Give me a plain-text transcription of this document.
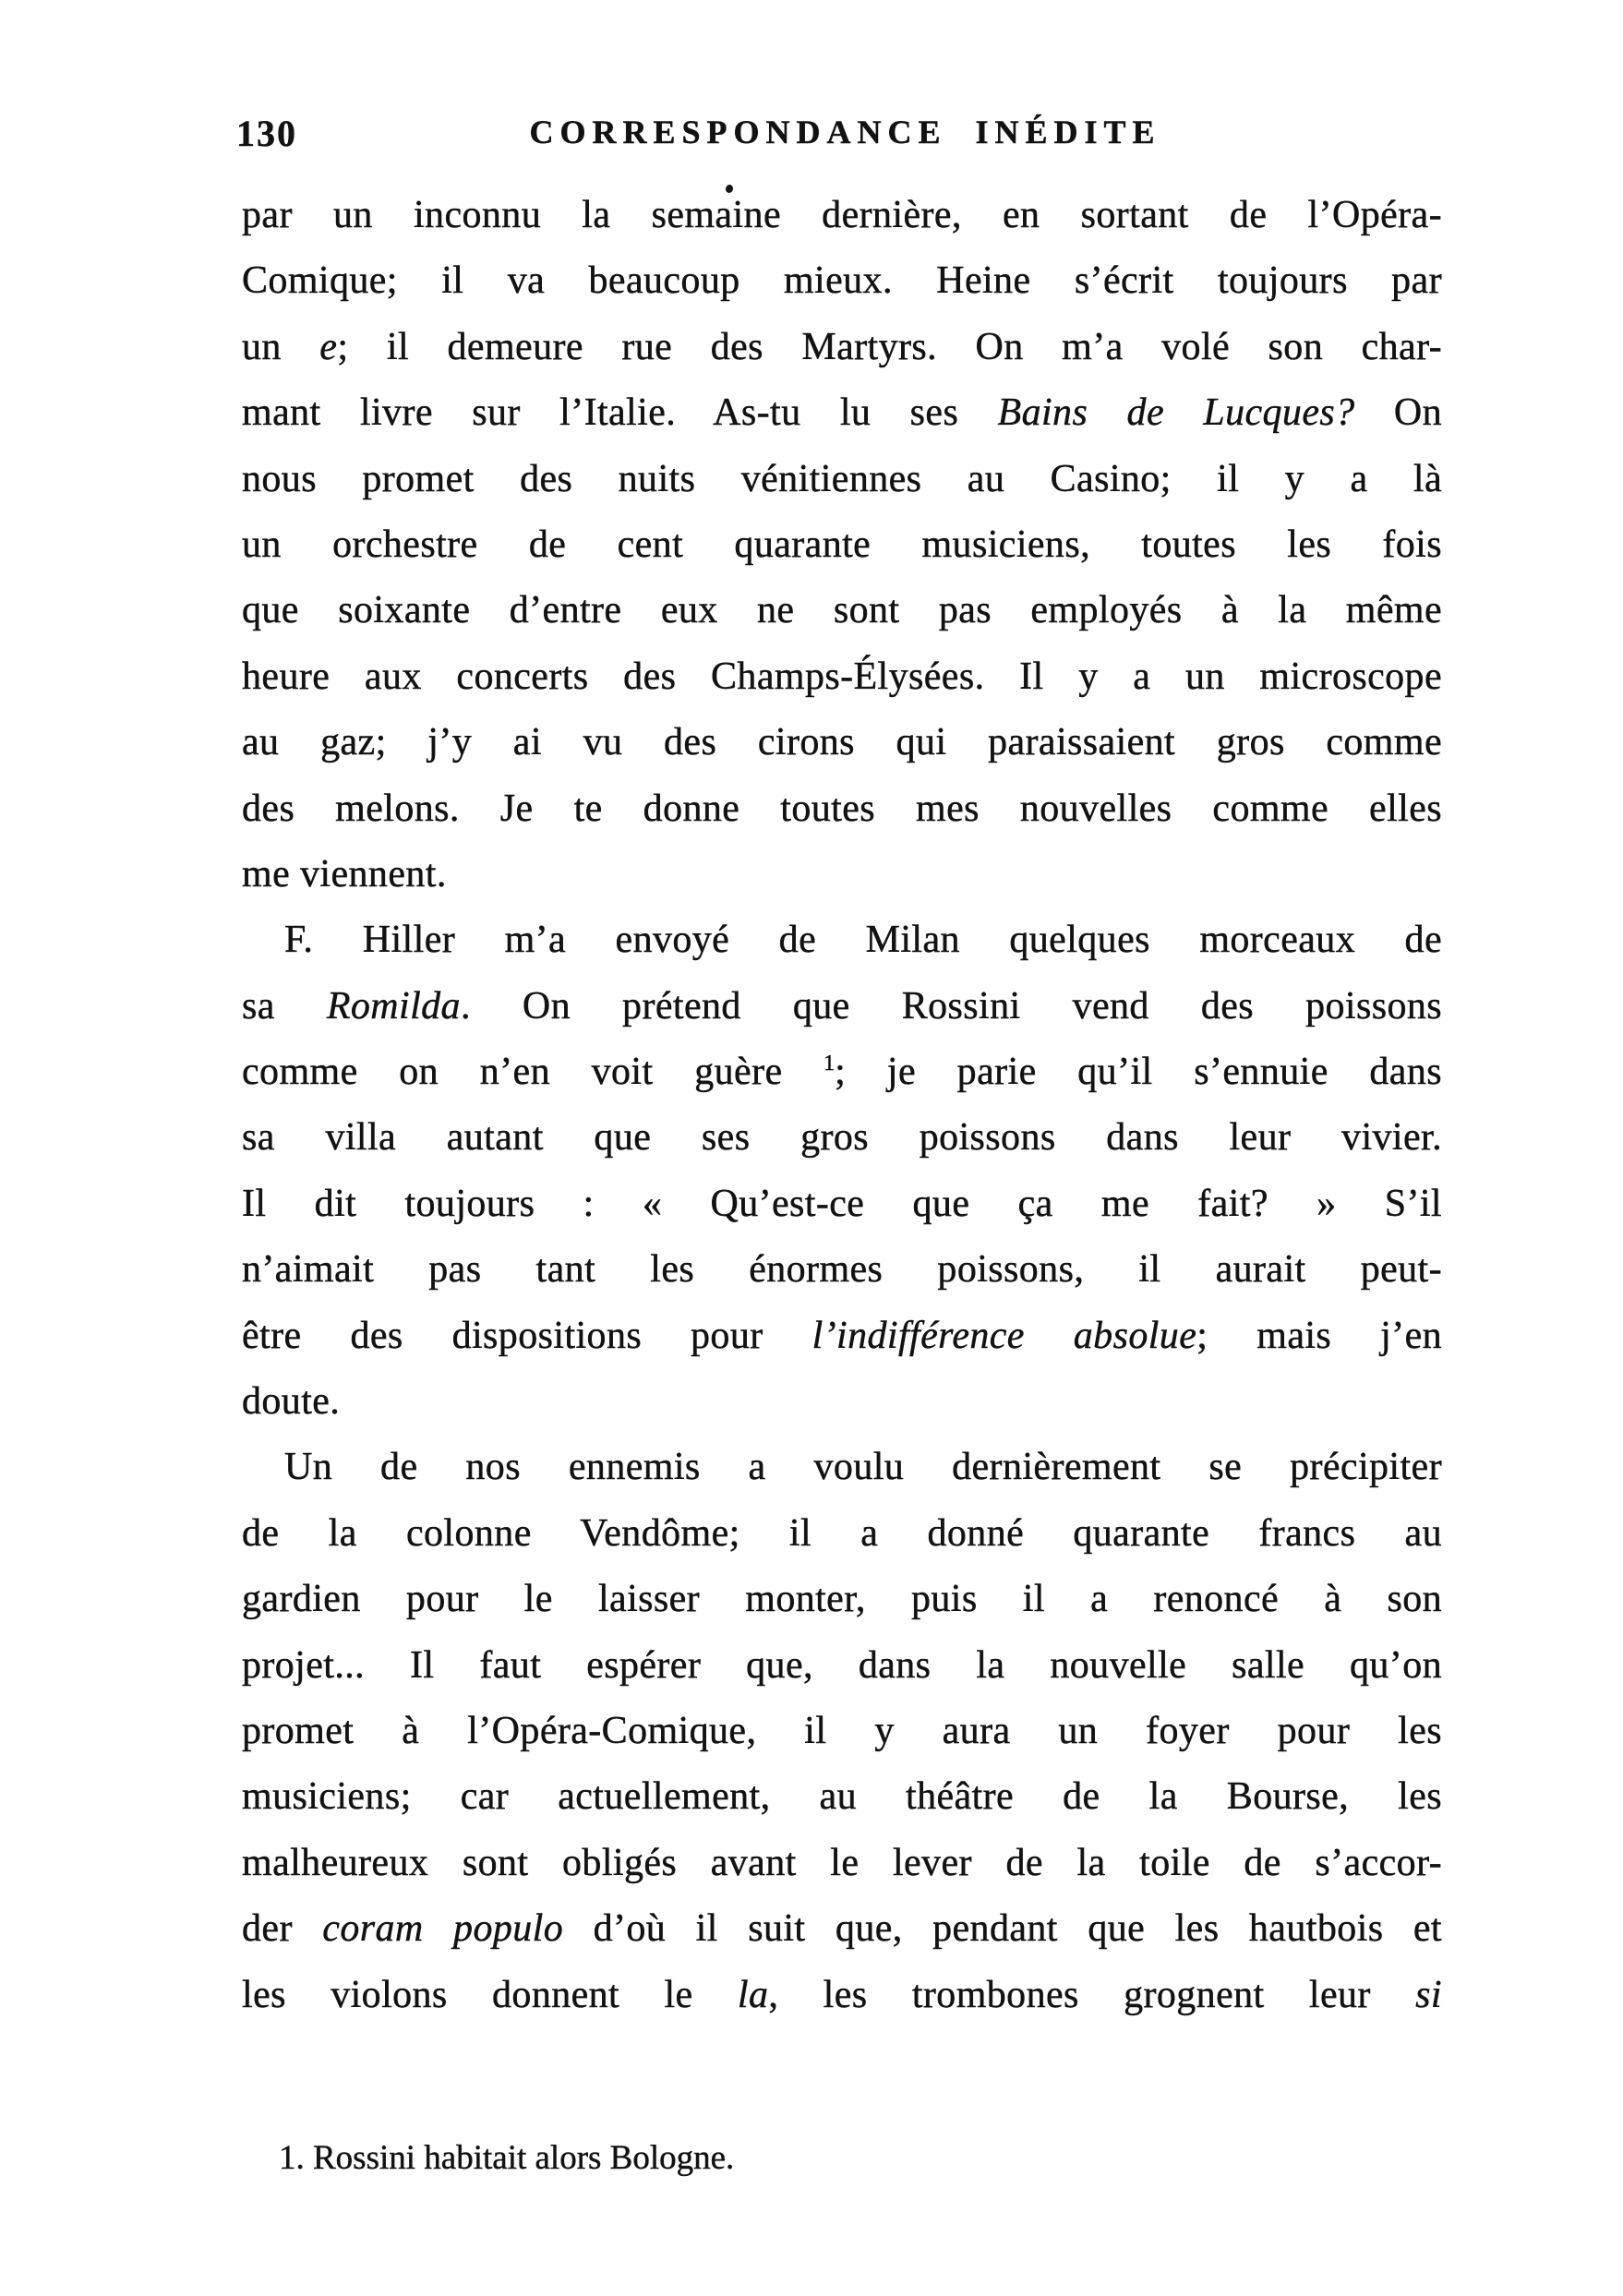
130	CORRESPONDANCE INÉDITE
par un inconnu la semaine dernière, en sortant de l’Opéra-
Comique; il va beaucoup mieux. Heine s’écrit toujours par
un e; il demeure rue des Martyrs. On m’a volé son char-
mant livre sur l’Italie. As-tu lu ses Bains de Lucques? On
nous promet des nuits vénitiennes au Casino; il y a là
un orchestre de cent quarante musiciens, toutes les fois
que soixante d’entre eux ne sont pas employés à la même
heure aux concerts des Champs-Élysées. Il y a un microscope
au gaz; j’y ai vu des cirons qui paraissaient gros comme
des melons. Je te donne toutes mes nouvelles comme elles
me viennent.
F. Hiller m’a envoyé de Milan quelques morceaux de
sa Romilda. On prétend que Rossini vend des poissons
comme on n’en voit guère $^1$; je parie qu’il s’ennuie dans
sa villa autant que ses gros poissons dans leur vivier.
Il dit toujours : « Qu’est-ce que ça me fait? » S’il
n’aimait pas tant les énormes poissons, il aurait peut-
être des dispositions pour l’indifférence absolue; mais j’en
doute.
Un de nos ennemis a voulu dernièrement se précipiter
de la colonne Vendôme; il a donné quarante francs au
gardien pour le laisser monter, puis il a renoncé à son
projet... Il faut espérer que, dans la nouvelle salle qu’on
promet à l’Opéra-Comique, il y aura un foyer pour les
musiciens; car actuellement, au théâtre de la Bourse, les
malheureux sont obligés avant le lever de la toile de s’accor-
der coram populo d’où il suit que, pendant que les hautbois et
les violons donnent le la, les trombones grognent leur si
1. Rossini habitait alors Bologne.
